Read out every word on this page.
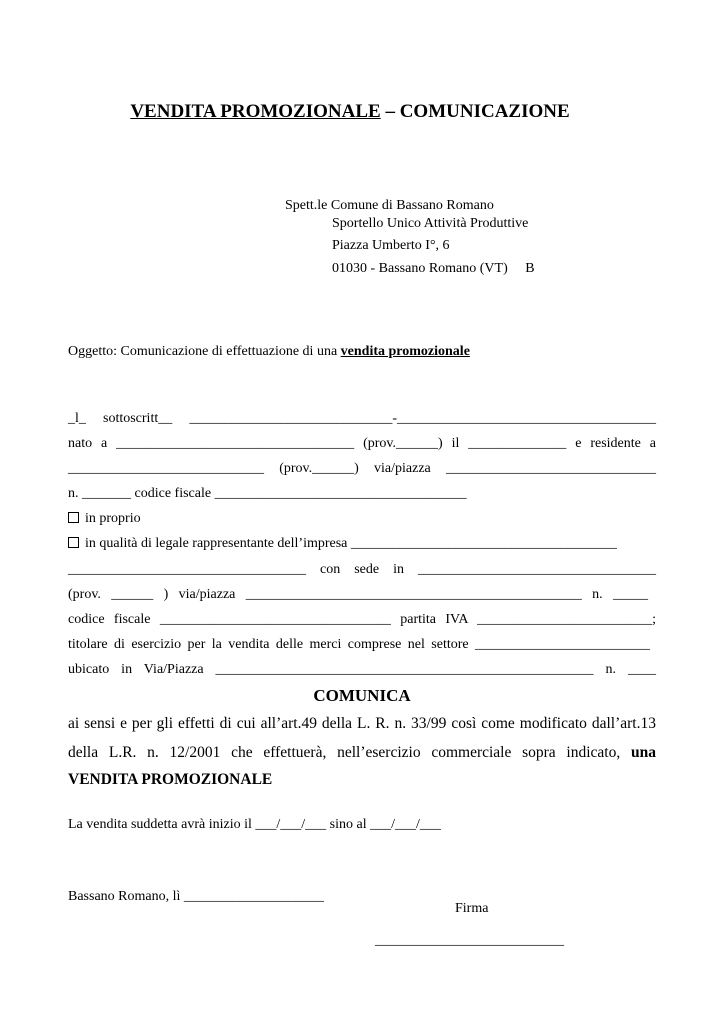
VENDITA PROMOZIONALE – COMUNICAZIONE
Spett.le Comune di Bassano Romano
Sportello Unico Attività Produttive
Piazza Umberto I°, 6
01030 - Bassano Romano (VT) B
Oggetto: Comunicazione di effettuazione di una vendita promozionale
_l_ sottoscritt__ _____________________________-_____________________________________
nato a __________________________________ (prov.______) il ______________ e residente a
____________________________ (prov.______) via/piazza ______________________________
n. _______ codice fiscale ____________________________________
in proprio
in qualità di legale rappresentante dell’impresa ______________________________________
__________________________________ con sede in __________________________________
(prov. ______ ) via/piazza ________________________________________________ n. _____
codice fiscale _________________________________ partita IVA _________________________;
titolare di esercizio per la vendita delle merci comprese nel settore _________________________
ubicato in Via/Piazza ______________________________________________________ n. ____
COMUNICA
ai sensi e per gli effetti di cui all’art.49 della L. R. n. 33/99 così come modificato dall’art.13
della L.R. n. 12/2001 che effettuerà, nell’esercizio commerciale sopra indicato, una
VENDITA PROMOZIONALE
La vendita suddetta avrà inizio il ___/___/___ sino al ___/___/___
Bassano Romano, lì ____________________
Firma
___________________________
